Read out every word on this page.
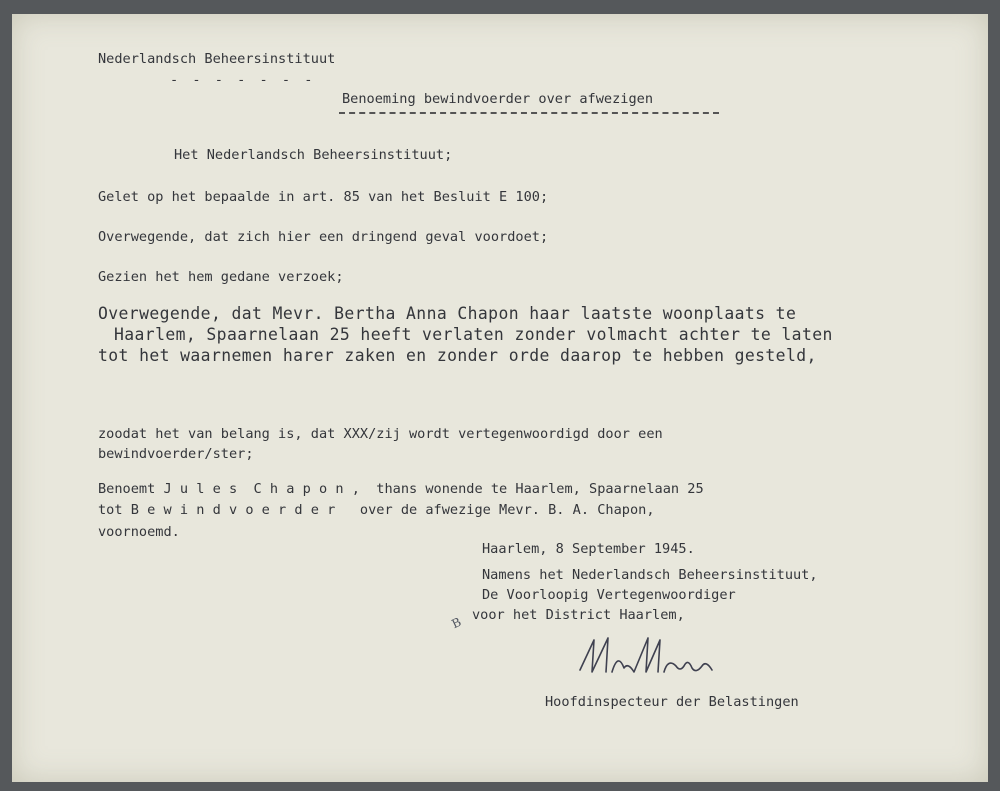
Nederlandsch Beheersinstituut
- - - - - - -
Benoeming bewindvoerder over afwezigen
Het Nederlandsch Beheersinstituut;
Gelet op het bepaalde in art. 85 van het Besluit E 100;
Overwegende, dat zich hier een dringend geval voordoet;
Gezien het hem gedane verzoek;
Overwegende, dat Mevr. Bertha Anna Chapon haar laatste woonplaats te
Haarlem, Spaarnelaan 25 heeft verlaten zonder volmacht achter te laten
tot het waarnemen harer zaken en zonder orde daarop te hebben gesteld,
zoodat het van belang is, dat XXX/zij wordt vertegenwoordigd door een
bewindvoerder/ster;
Benoemt J u l e s  C h a p o n ,  thans wonende te Haarlem, Spaarnelaan 25
tot B e w i n d v o e r d e r   over de afwezige Mevr. B. A. Chapon,
voornoemd.
Haarlem, 8 September 1945.
Namens het Nederlandsch Beheersinstituut,
De Voorloopig Vertegenwoordiger
voor het District Haarlem,
B
Hoofdinspecteur der Belastingen
